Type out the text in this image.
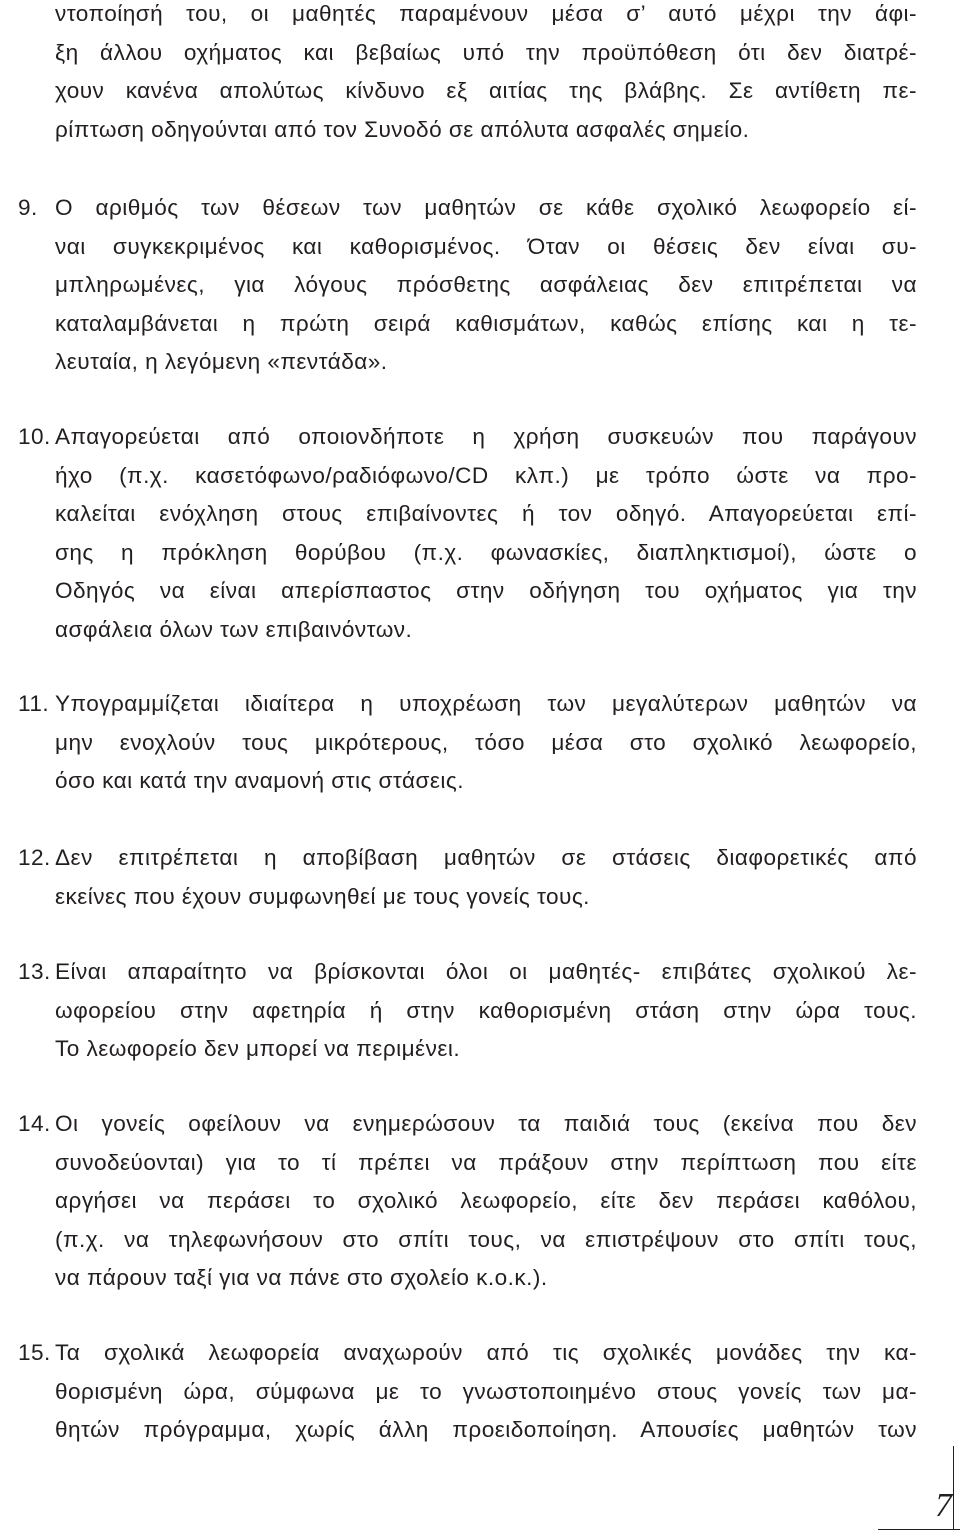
ντοποίησή του, οι μαθητές παραμένουν μέσα σ’ αυτό μέχρι την άφι-
ξη άλλου οχήματος και βεβαίως υπό την προϋπόθεση ότι δεν διατρέ-
χουν κανένα απολύτως κίνδυνο εξ αιτίας της βλάβης. Σε αντίθετη πε-
ρίπτωση οδηγούνται από τον Συνοδό σε απόλυτα ασφαλές σημείο.
9. Ο αριθμός των θέσεων των μαθητών σε κάθε σχολικό λεωφορείο εί-
ναι συγκεκριμένος και καθορισμένος. Όταν οι θέσεις δεν είναι συ-
μπληρωμένες, για λόγους πρόσθετης ασφάλειας δεν επιτρέπεται να
καταλαμβάνεται η πρώτη σειρά καθισμάτων, καθώς επίσης και η τε-
λευταία, η λεγόμενη «πεντάδα».
10. Απαγορεύεται από οποιονδήποτε η χρήση συσκευών που παράγουν
ήχο (π.χ. κασετόφωνο/ραδιόφωνο/CD κλπ.) με τρόπο ώστε να προ-
καλείται ενόχληση στους επιβαίνοντες ή τον οδηγό. Απαγορεύεται επί-
σης η πρόκληση θορύβου (π.χ. φωνασκίες, διαπληκτισμοί), ώστε ο
Οδηγός να είναι απερίσπαστος στην οδήγηση του οχήματος για την
ασφάλεια όλων των επιβαινόντων.
11. Υπογραμμίζεται ιδιαίτερα η υποχρέωση των μεγαλύτερων μαθητών να
μην ενοχλούν τους μικρότερους, τόσο μέσα στο σχολικό λεωφορείο,
όσο και κατά την αναμονή στις στάσεις.
12. Δεν επιτρέπεται η αποβίβαση μαθητών σε στάσεις διαφορετικές από
εκείνες που έχουν συμφωνηθεί με τους γονείς τους.
13. Είναι απαραίτητο να βρίσκονται όλοι οι μαθητές- επιβάτες σχολικού λε-
ωφορείου στην αφετηρία ή στην καθορισμένη στάση στην ώρα τους.
Το λεωφορείο δεν μπορεί να περιμένει.
14. Οι γονείς οφείλουν να ενημερώσουν τα παιδιά τους (εκείνα που δεν
συνοδεύονται) για το τί πρέπει να πράξουν στην περίπτωση που είτε
αργήσει να περάσει το σχολικό λεωφορείο, είτε δεν περάσει καθόλου,
(π.χ. να τηλεφωνήσουν στο σπίτι τους, να επιστρέψουν στο σπίτι τους,
να πάρουν ταξί για να πάνε στο σχολείο κ.ο.κ.).
15. Τα σχολικά λεωφορεία αναχωρούν από τις σχολικές μονάδες την κα-
θορισμένη ώρα, σύμφωνα με το γνωστοποιημένο στους γονείς των μα-
θητών πρόγραμμα, χωρίς άλλη προειδοποίηση. Απουσίες μαθητών των
7
